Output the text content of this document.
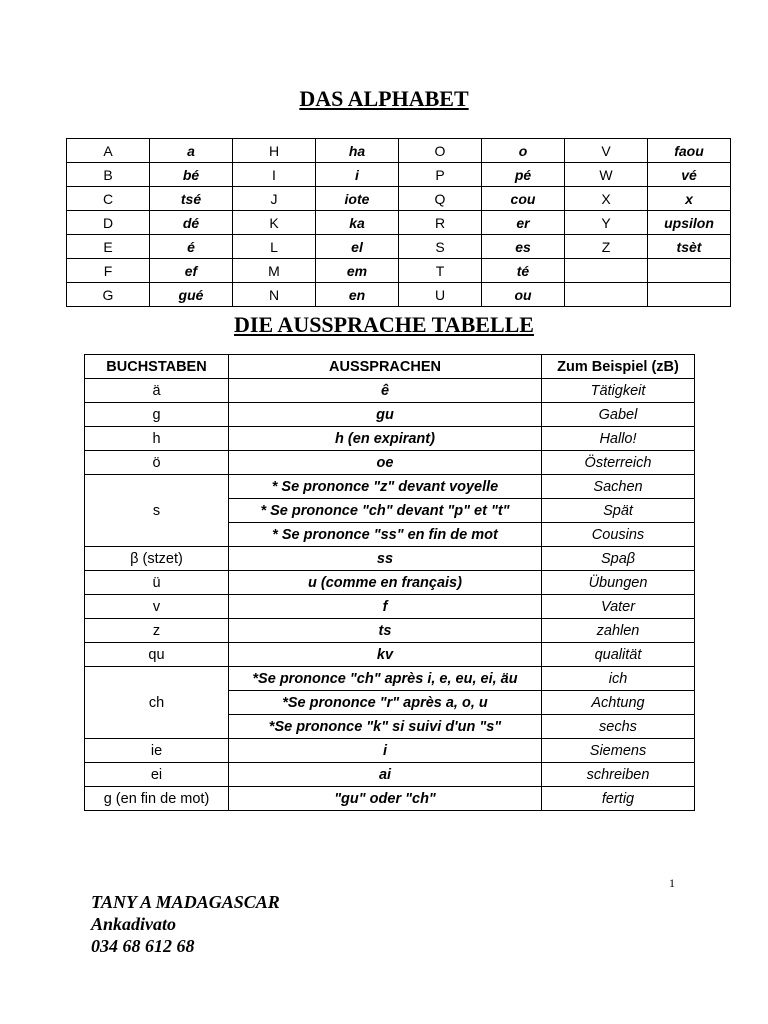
DAS ALPHABET
A	a	H	ha	O	o	V	faou
B	bé	I	i	P	pé	W	vé
C	tsé	J	iote	Q	cou	X	x
D	dé	K	ka	R	er	Y	upsilon
E	é	L	el	S	es	Z	tsèt
F	ef	M	em	T	té		
G	gué	N	en	U	ou		
DIE AUSSPRACHE TABELLE
BUCHSTABEN	AUSSPRACHEN	Zum Beispiel (zB)
ä	ê	Tätigkeit
g	gu	Gabel
h	h (en expirant)	Hallo!
ö	oe	Österreich
s	* Se prononce "z" devant voyelle	Sachen
	* Se prononce "ch" devant "p" et "t"	Spät
	* Se prononce "ss" en fin de mot	Cousins
β (stzet)	ss	Spaβ
ü	u (comme en français)	Übungen
v	f	Vater
z	ts	zahlen
qu	kv	qualität
ch	*Se prononce "ch" après i, e, eu, ei, äu	ich
	*Se prononce "r" après a, o, u	Achtung
	*Se prononce "k" si suivi d'un "s"	sechs
ie	i	Siemens
ei	ai	schreiben
g (en fin de mot)	"gu" oder "ch"	fertig
1
TANY A MADAGASCAR
Ankadivato
034 68 612 68
